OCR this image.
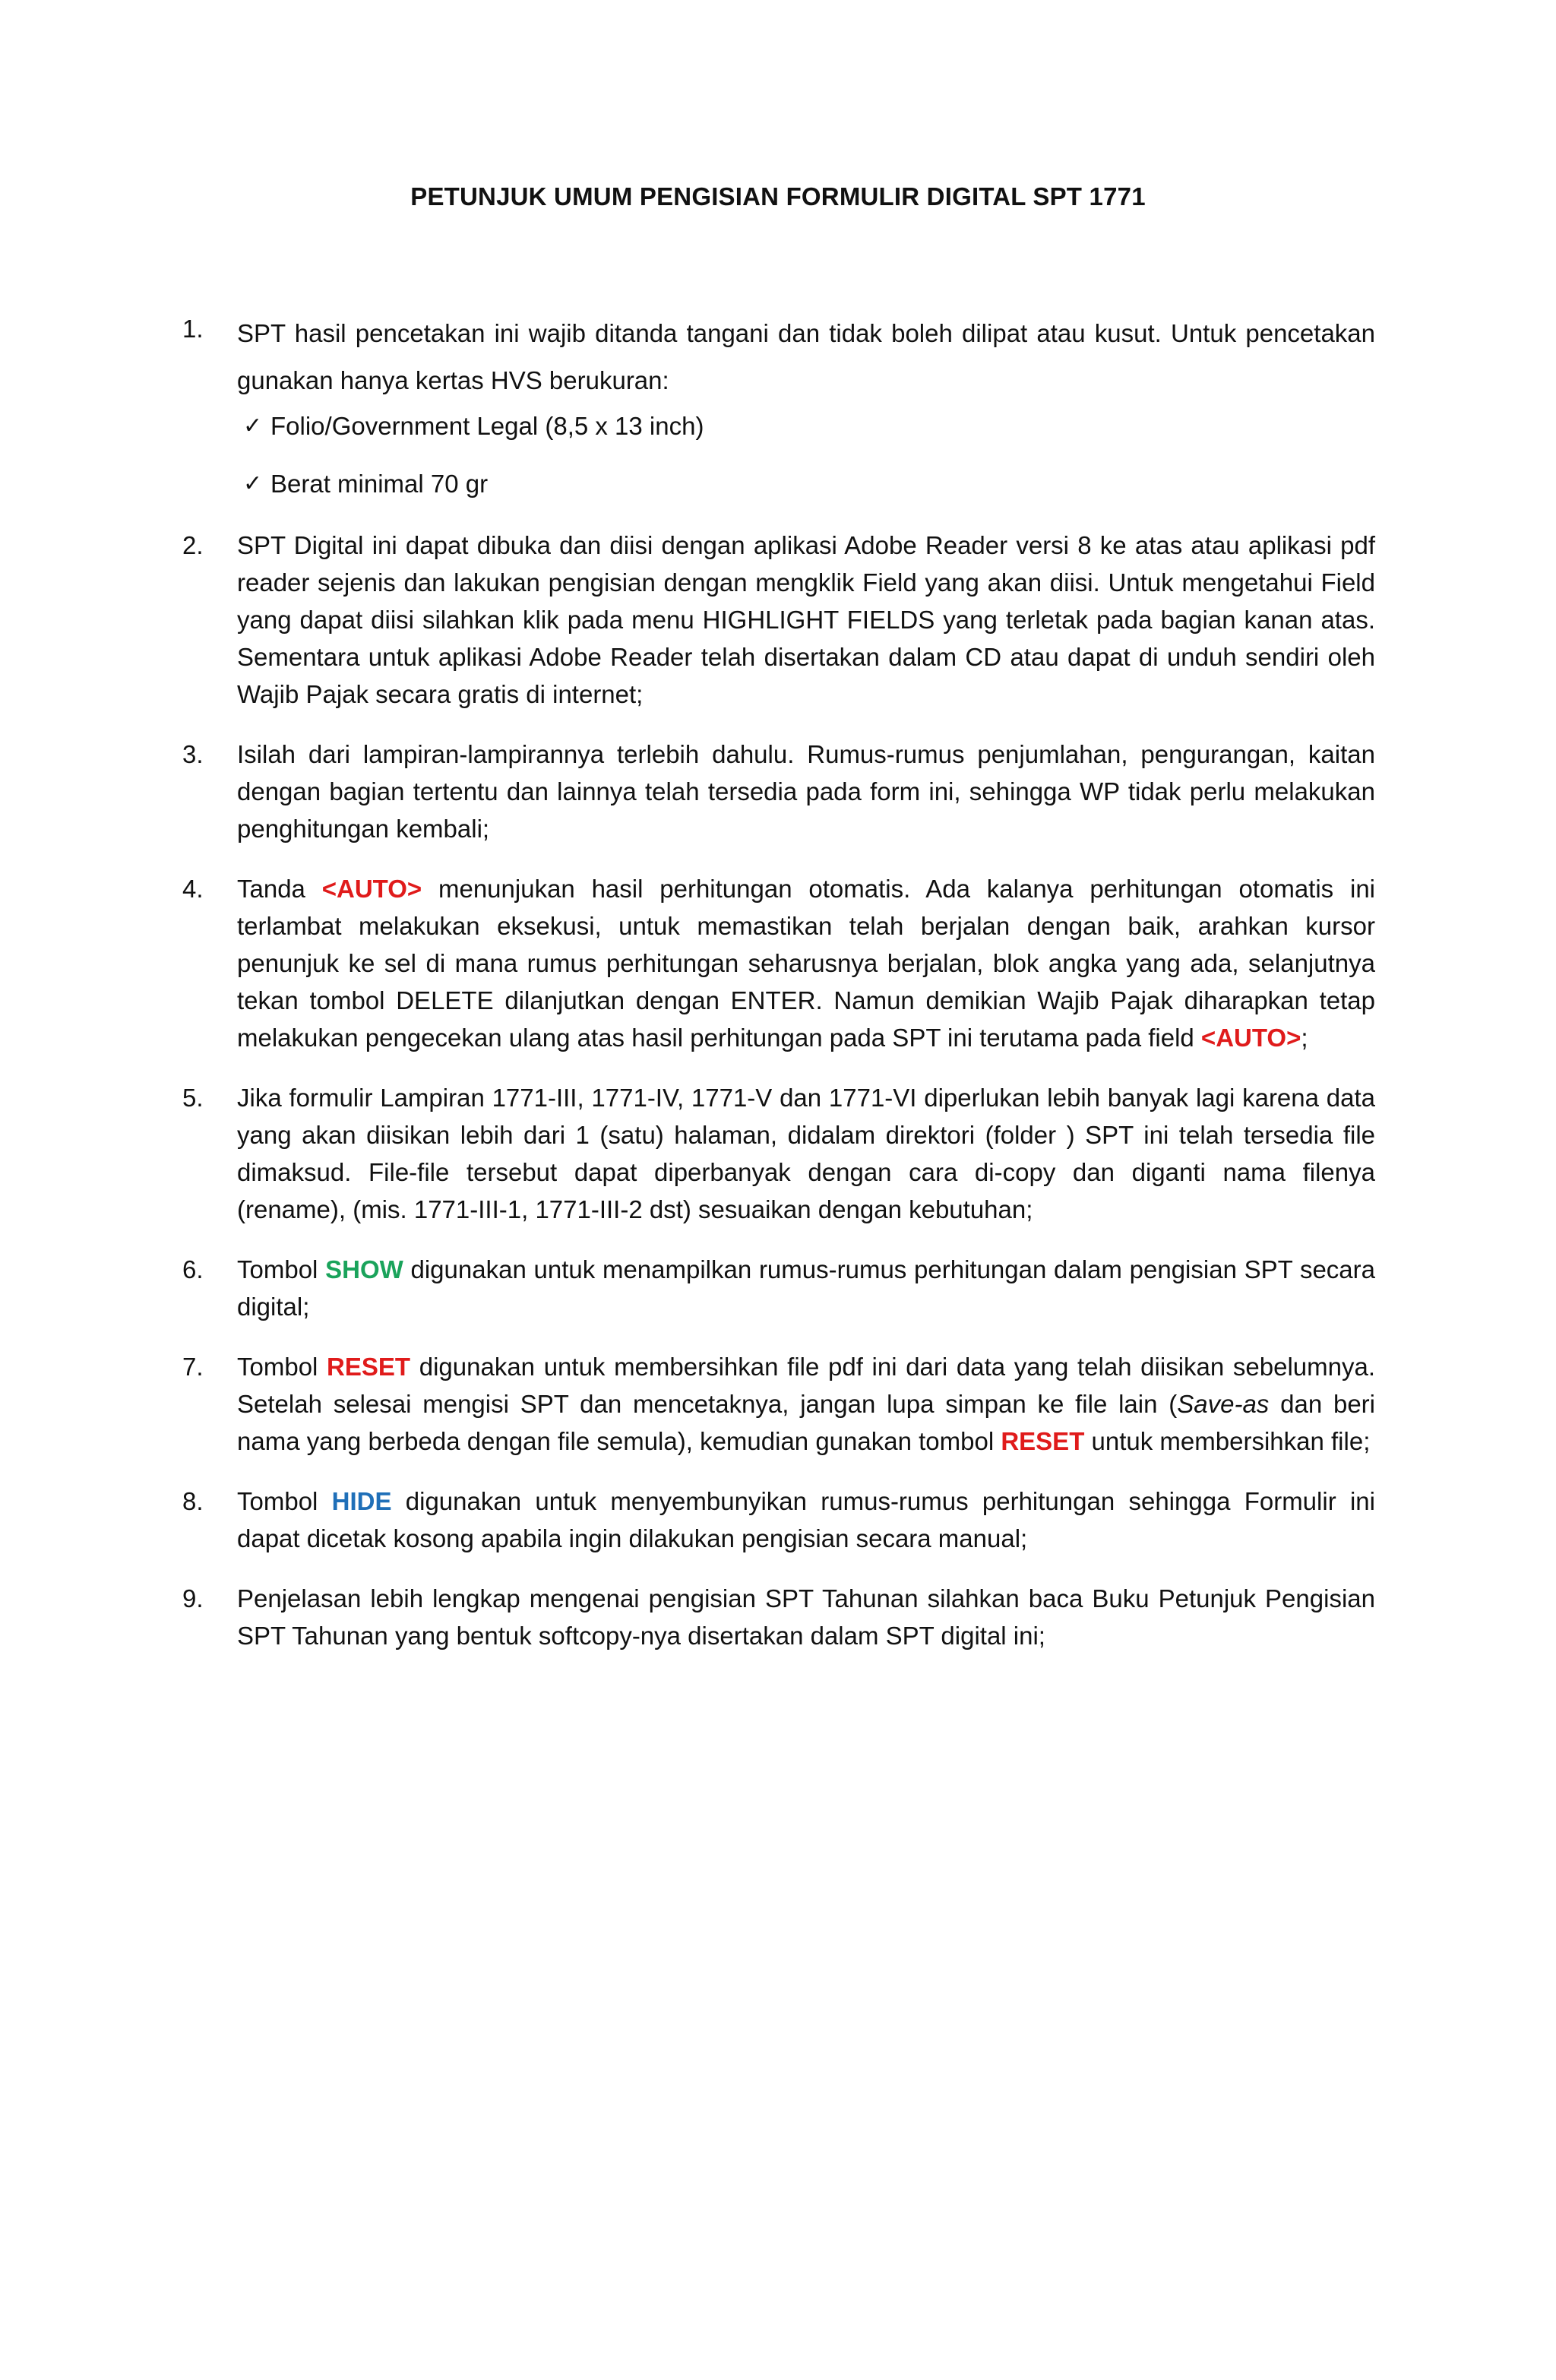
PETUNJUK UMUM PENGISIAN FORMULIR DIGITAL SPT 1771
1.	SPT hasil pencetakan ini wajib ditanda tangani dan tidak boleh dilipat atau kusut. Untuk pencetakan gunakan hanya kertas HVS berukuran:

✓ Folio/Government Legal (8,5 x 13 inch)
✓ Berat minimal 70 gr
2.	SPT Digital ini dapat dibuka dan diisi dengan aplikasi Adobe Reader versi 8 ke atas atau aplikasi pdf reader sejenis dan lakukan pengisian dengan mengklik Field yang akan diisi. Untuk mengetahui Field yang dapat diisi silahkan klik pada menu HIGHLIGHT FIELDS yang terletak pada bagian kanan atas. Sementara untuk aplikasi Adobe Reader telah disertakan dalam CD atau dapat di unduh sendiri oleh Wajib Pajak secara gratis di internet;
3.	Isilah dari lampiran-lampirannya terlebih dahulu. Rumus-rumus penjumlahan, pengurangan, kaitan dengan bagian tertentu dan lainnya telah tersedia pada form ini, sehingga WP tidak perlu melakukan penghitungan kembali;
4.	Tanda <AUTO> menunjukan hasil perhitungan otomatis. Ada kalanya perhitungan otomatis ini terlambat melakukan eksekusi, untuk memastikan telah berjalan dengan baik, arahkan kursor penunjuk ke sel di mana rumus perhitungan seharusnya berjalan, blok angka yang ada, selanjutnya tekan tombol DELETE dilanjutkan dengan ENTER. Namun demikian Wajib Pajak diharapkan tetap melakukan pengecekan ulang atas hasil perhitungan pada SPT ini terutama pada field <AUTO>;
5.	Jika formulir Lampiran 1771-III, 1771-IV, 1771-V dan 1771-VI diperlukan lebih banyak lagi karena data yang akan diisikan lebih dari 1 (satu) halaman, didalam direktori (folder ) SPT ini telah tersedia file dimaksud. File-file tersebut dapat diperbanyak dengan cara di-copy dan diganti nama filenya (rename), (mis. 1771-III-1, 1771-III-2 dst) sesuaikan dengan kebutuhan;
6.	Tombol SHOW digunakan untuk menampilkan rumus-rumus perhitungan dalam pengisian SPT secara digital;
7.	Tombol RESET digunakan untuk membersihkan file pdf ini dari data yang telah diisikan sebelumnya. Setelah selesai mengisi SPT dan mencetaknya, jangan lupa simpan ke file lain (Save-as dan beri nama yang berbeda dengan file semula), kemudian gunakan tombol RESET untuk membersihkan file;
8.	Tombol HIDE digunakan untuk menyembunyikan rumus-rumus perhitungan sehingga Formulir ini dapat dicetak kosong apabila ingin dilakukan pengisian secara manual;
9.	Penjelasan lebih lengkap mengenai pengisian SPT Tahunan silahkan baca Buku Petunjuk Pengisian SPT Tahunan yang bentuk softcopy-nya disertakan dalam SPT digital ini;
